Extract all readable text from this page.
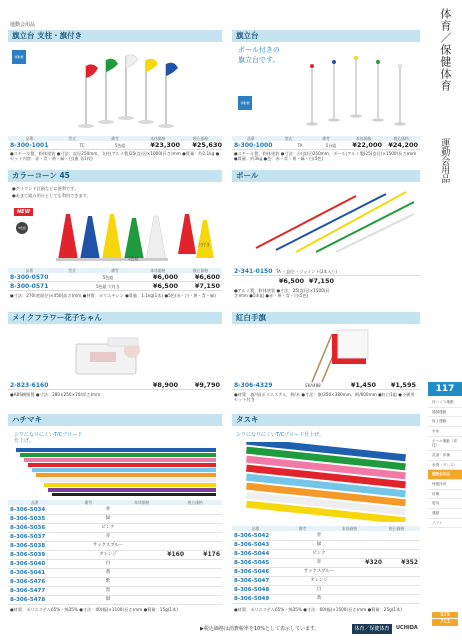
運動会用品
旗立台 支柱・旗付き
移動便
品番	型式	備考	本体価格	税込価格
8-300-1001	TC	5色組	¥23,300	¥25,630
●スチール製、粉体塗装 ●寸法：直径250mm、支柱(アルミ製)25(直径)×1000(長さ)mm ●質量：約2.1kg ●セット内容：赤・青・黄・緑・白(旗 各1枚)
旗立台
ポール付きの旗立台です。
移動便
品番	型式	備考	本体価格	税込価格
8-300-1000	TA	5台組	¥22,000 ¥24,200
●スチール製、粉体塗装 ●寸法：台(直径)250mm、ポール(アルミ製)25(直径)×1500(長さ)mm ●質量：約3kg ●色：赤・青・黄・緑・白(5色)
カラーコーン 45
●グラウンド区画などに便利です。
●あまて組み用台としても利用できます。
NEW
5色組
5色組
穴付き
品番	型式	備考	本体価格	税込価格
8-300-0570	5色組	¥6,000	¥6,600
8-300-0571	5色組 穴付き	¥6,500	¥7,150
●寸法：270(底面径)×450(高さ)mm ●材質：ポリエチレン ●質量：1.1kg(1本) ●5色(赤・白・黄・青・緑)
ポール
2-341-0150 TA ・直径 ・ジョイント(2本入り)
¥6,500 ¥7,150
●アルミ製、粉体塗装 ●寸法：25(直径)×1500(長さ)mm ●5本組 ●赤・黄・青・白(5色)
メイクフラワー花子ちゃん
2-823-6160	¥8,900	¥9,790
●ABS樹脂製 ●寸法：280×250×70(厚さ)mm
紅白手旗
8-306-4329	EKA488	¥1,450	¥1,595
●材質：旗/布(ポリエステル、柄/木 ●寸法：旗/350×380mm、柄/600mm ●紅白1組 ●予備用セット付き
ハチマキ
シワになりにくいT/Cブロード仕上げ。
品番	備考	本体価格	税込価格
8-306-5034	青
8-306-5035	緑
8-306-5036	ピンク
8-306-5037	赤
8-306-5038	サックスブルー
8-306-5039	オレンジ	¥160	¥176
8-306-5040	白
8-306-5041	黄
8-306-5476	紫
8-306-5477	黒
8-306-5478	紺
●材質：ポリエステル65%・綿35% ●寸法：40(幅)×1100(長さ)mm ●質量：15g(1本)
タスキ
シワになりにくいT/Cブロード仕上げ。
品番	備考	本体価格	税込価格
8-306-5042	青
8-306-5043	緑
8-306-5044	ピンク
8-306-5045	赤	¥320	¥352
8-306-5046	サックスブルー
8-306-5047	オレンジ
8-306-5048	白
8-306-5049	黄
●材質：ポリエステル65%・綿35% ●寸法：60(幅)×1500(長さ)mm ●質量：25g(1本)
体育／保健体育
運動会用品
117
体つくり運動
器械運動
陸上運動
水泳
ボール運動（球技）
武道・体操
表現（ダンス）
運動会用品
保健体育
体操
遊具
運動
ソフト
929
713
▶税込価格は消費税率を10%として表示しています。	体育／保健体育	UCHIDA
